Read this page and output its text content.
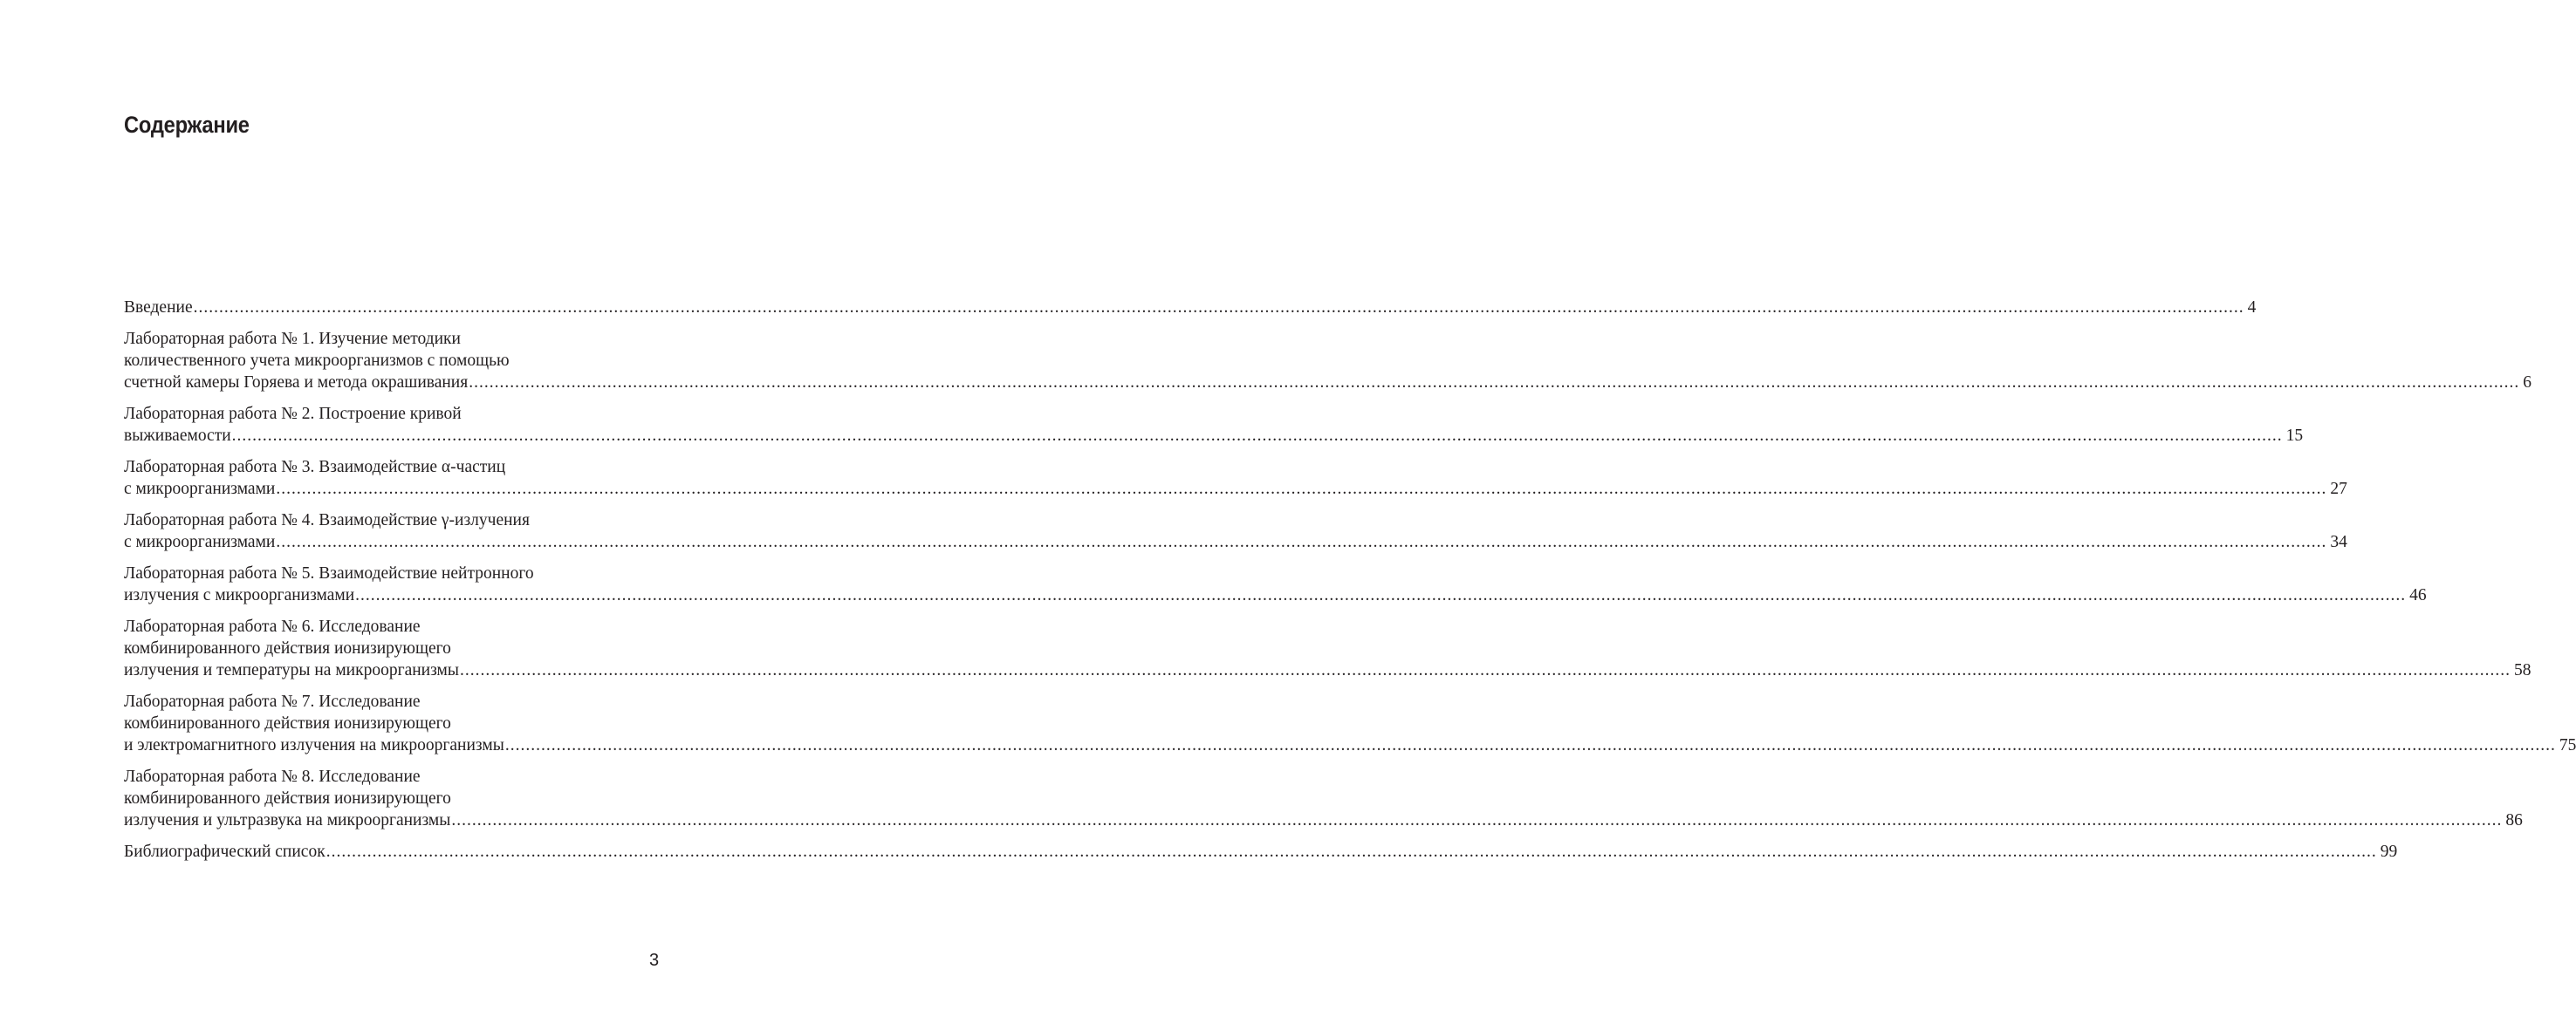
Содержание
Введение ................................................................................................................................................................................................................................................................................................................................................................................................................ 4
Лабораторная работа № 1. Изучение методики
количественного учета микроорганизмов с помощью
счетной камеры Горяева и метода окрашивания ................................................................................................................................................................................................................................................................................................................................................................................................................ 6
Лабораторная работа № 2. Построение кривой
выживаемости ................................................................................................................................................................................................................................................................................................................................................................................................................ 15
Лабораторная работа № 3. Взаимодействие α-частиц
с микроорганизмами ................................................................................................................................................................................................................................................................................................................................................................................................................ 27
Лабораторная работа № 4. Взаимодействие γ-излучения
с микроорганизмами ................................................................................................................................................................................................................................................................................................................................................................................................................ 34
Лабораторная работа № 5. Взаимодействие нейтронного
излучения с микроорганизмами ................................................................................................................................................................................................................................................................................................................................................................................................................ 46
Лабораторная работа № 6. Исследование
комбинированного действия ионизирующего
излучения и температуры на микроорганизмы ................................................................................................................................................................................................................................................................................................................................................................................................................ 58
Лабораторная работа № 7. Исследование
комбинированного действия ионизирующего
и электромагнитного излучения на микроорганизмы ................................................................................................................................................................................................................................................................................................................................................................................................................ 75
Лабораторная работа № 8. Исследование
комбинированного действия ионизирующего
излучения и ультразвука на микроорганизмы ................................................................................................................................................................................................................................................................................................................................................................................................................ 86
Библиографический список ................................................................................................................................................................................................................................................................................................................................................................................................................ 99
3
